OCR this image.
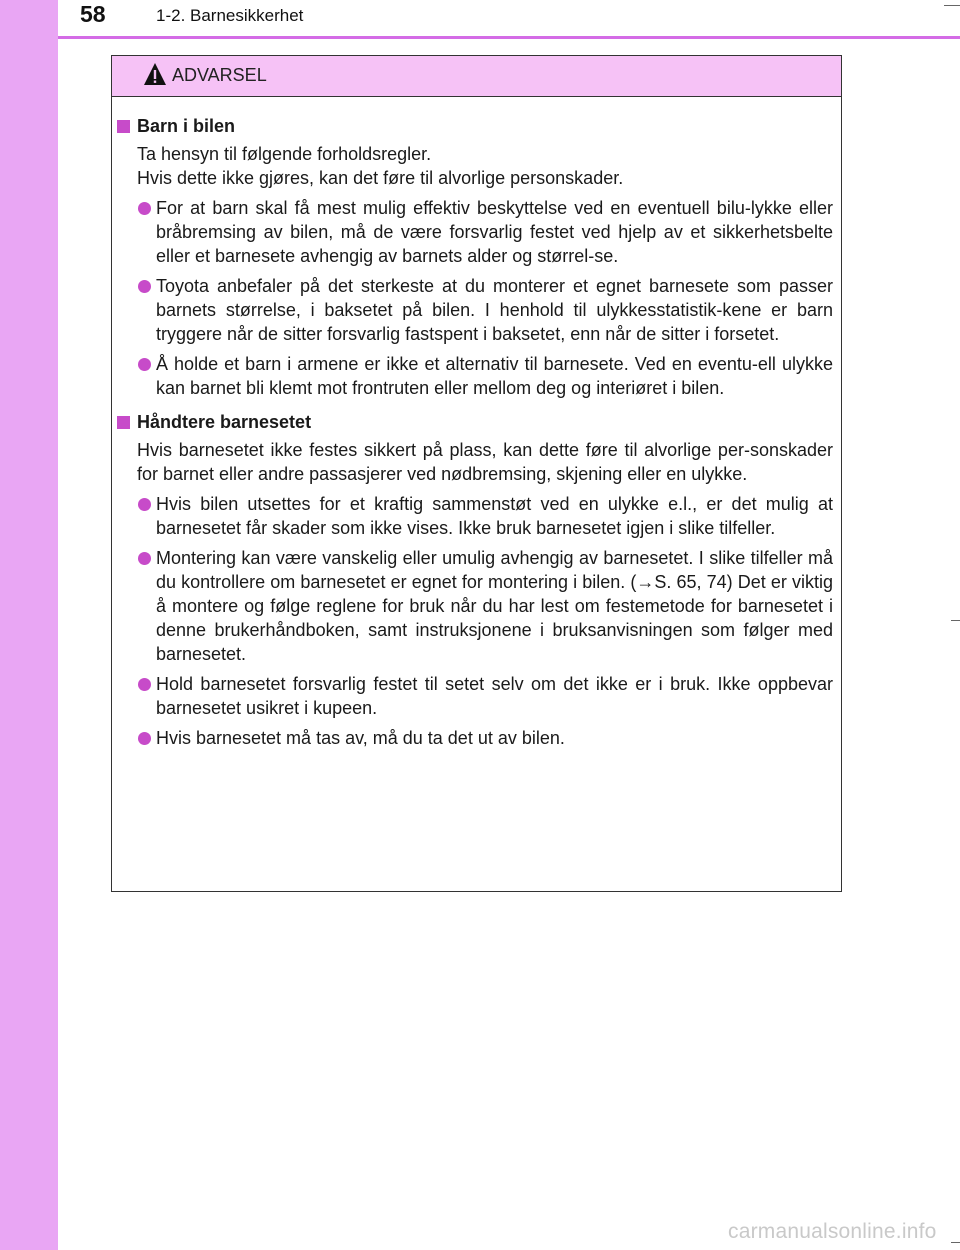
58	1-2. Barnesikkerhet
ADVARSEL
Barn i bilen

Ta hensyn til følgende forholdsregler.

Hvis dette ikke gjøres, kan det føre til alvorlige personskader.

For at barn skal få mest mulig effektiv beskyttelse ved en eventuell bilu-lykke eller bråbremsing av bilen, må de være forsvarlig festet ved hjelp av et sikkerhetsbelte eller et barnesete avhengig av barnets alder og størrel-se.
Toyota anbefaler på det sterkeste at du monterer et egnet barnesete som passer barnets størrelse, i baksetet på bilen. I henhold til ulykkesstatistik-kene er barn tryggere når de sitter forsvarlig fastspent i baksetet, enn når de sitter i forsetet.
Å holde et barn i armene er ikke et alternativ til barnesete. Ved en eventu-ell ulykke kan barnet bli klemt mot frontruten eller mellom deg og interiøret i bilen.
Håndtere barnesetet

Hvis barnesetet ikke festes sikkert på plass, kan dette føre til alvorlige per-sonskader for barnet eller andre passasjerer ved nødbremsing, skjening eller en ulykke.

Hvis bilen utsettes for et kraftig sammenstøt ved en ulykke e.l., er det mulig at barnesetet får skader som ikke vises. Ikke bruk barnesetet igjen i slike tilfeller.
Montering kan være vanskelig eller umulig avhengig av barnesetet. I slike tilfeller må du kontrollere om barnesetet er egnet for montering i bilen. (→S. 65, 74) Det er viktig å montere og følge reglene for bruk når du har lest om festemetode for barnesetet i denne brukerhåndboken, samt instruksjonene i bruksanvisningen som følger med barnesetet.
Hold barnesetet forsvarlig festet til setet selv om det ikke er i bruk. Ikke oppbevar barnesetet usikret i kupeen.
Hvis barnesetet må tas av, må du ta det ut av bilen.
carmanualsonline.info
